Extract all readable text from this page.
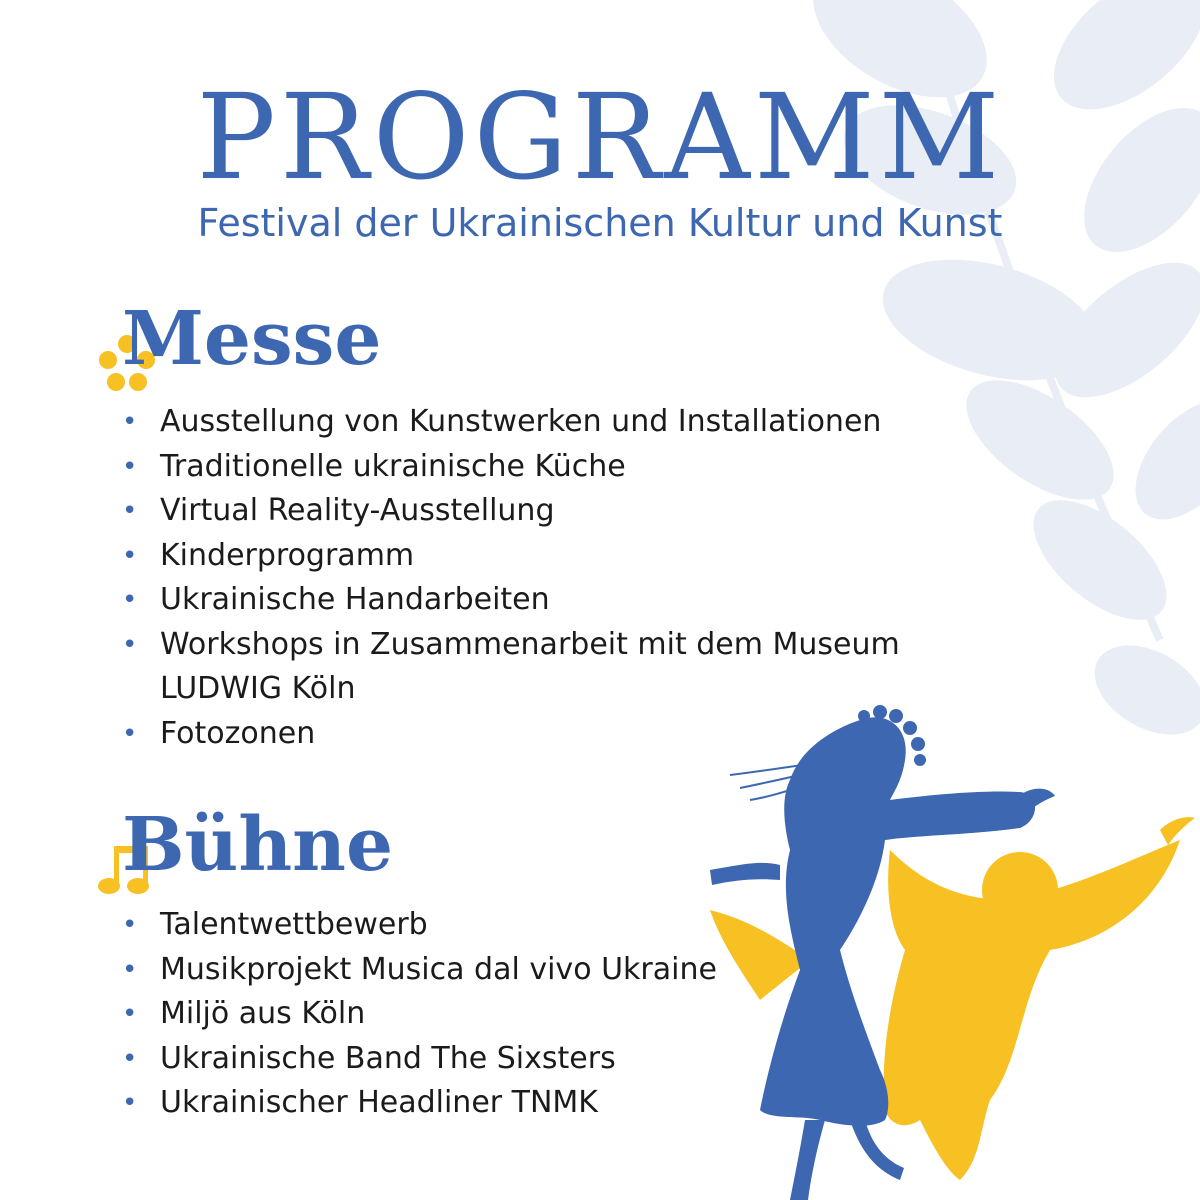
PROGRAMM
Festival der Ukrainischen Kultur und Kunst
Messe
• Ausstellung von Kunstwerken und Installationen
• Traditionelle ukrainische Küche
• Virtual Reality-Ausstellung
• Kinderprogramm
• Ukrainische Handarbeiten
• Workshops in Zusammenarbeit mit dem Museum
LUDWIG Köln
• Fotozonen
Bühne
• Talentwettbewerb
• Musikprojekt Musica dal vivo Ukraine
• Miljö aus Köln
• Ukrainische Band The Sixsters
• Ukrainischer Headliner TNMK
